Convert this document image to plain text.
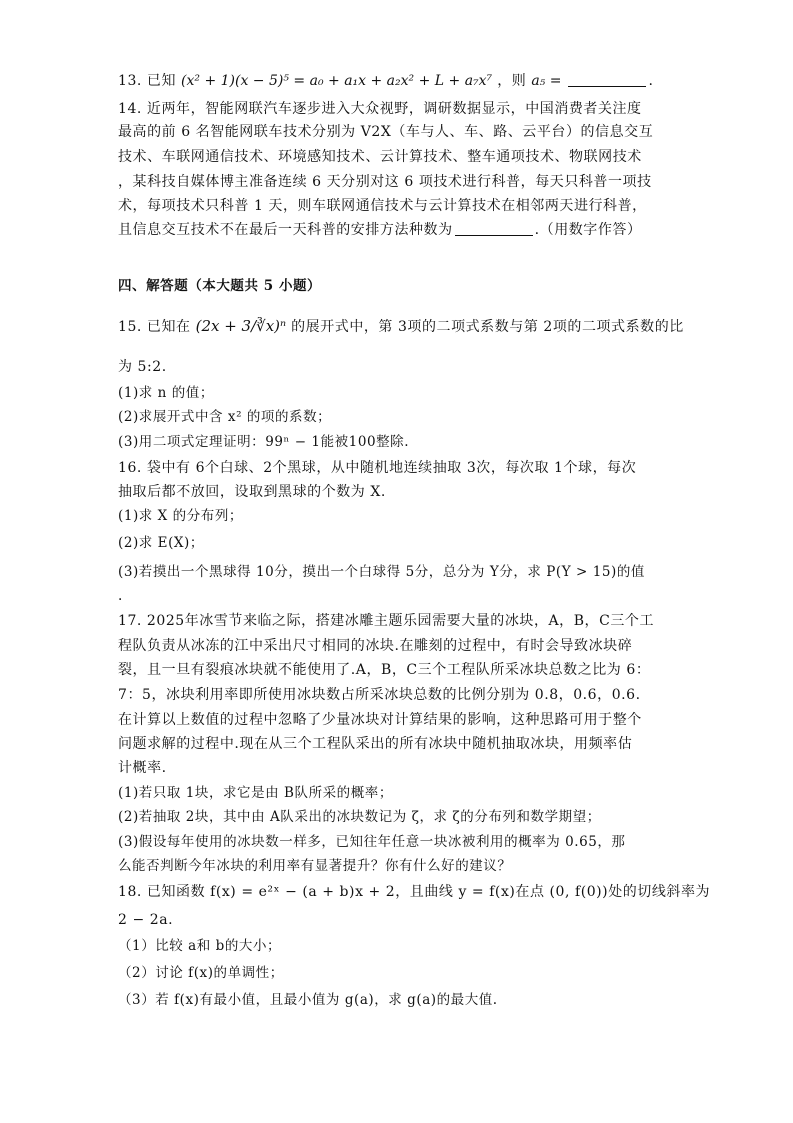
13. 已知 (x² + 1)(x − 5)⁵ = a₀ + a₁x + a₂x² + L + a₇x⁷ ，则 a₅ =	.
14. 近两年，智能网联汽车逐步进入大众视野，调研数据显示，中国消费者关注度
最高的前 6 名智能网联车技术分别为 V2X（车与人、车、路、云平台）的信息交互
技术、车联网通信技术、环境感知技术、云计算技术、整车通项技术、物联网技术
，某科技自媒体博主准备连续 6 天分别对这 6 项技术进行科普，每天只科普一项技
术，每项技术只科普 1 天，则车联网通信技术与云计算技术在相邻两天进行科普，
且信息交互技术不在最后一天科普的安排方法种数为	.（用数字作答）
四、解答题（本大题共 5 小题）
15. 已知在 (2x + 3/∛x)ⁿ 的展开式中，第 3项的二项式系数与第 2项的二项式系数的比
为 5:2.
(1)求 n 的值；
(2)求展开式中含 x² 的项的系数；
(3)用二项式定理证明：99ⁿ − 1能被100整除.
16. 袋中有 6个白球、2个黑球，从中随机地连续抽取 3次，每次取 1个球，每次
抽取后都不放回，设取到黑球的个数为 X.
(1)求 X 的分布列；
(2)求 E(X)；
(3)若摸出一个黑球得 10分，摸出一个白球得 5分，总分为 Y分，求 P(Y > 15)的值
.
17. 2025年冰雪节来临之际，搭建冰雕主题乐园需要大量的冰块，A，B，C三个工
程队负责从冰冻的江中采出尺寸相同的冰块.在雕刻的过程中，有时会导致冰块碎
裂，且一旦有裂痕冰块就不能使用了.A，B，C三个工程队所采冰块总数之比为 6：
7：5，冰块利用率即所使用冰块数占所采冰块总数的比例分别为 0.8，0.6，0.6.
在计算以上数值的过程中忽略了少量冰块对计算结果的影响，这种思路可用于整个
问题求解的过程中.现在从三个工程队采出的所有冰块中随机抽取冰块，用频率估
计概率.
(1)若只取 1块，求它是由 B队所采的概率；
(2)若抽取 2块，其中由 A队采出的冰块数记为 ζ，求 ζ的分布列和数学期望；
(3)假设每年使用的冰块数一样多，已知往年任意一块冰被利用的概率为 0.65，那
么能否判断今年冰块的利用率有显著提升？你有什么好的建议？
18. 已知函数 f(x) = e²ˣ − (a + b)x + 2，且曲线 y = f(x)在点 (0, f(0))处的切线斜率为
2 − 2a.
（1）比较 a和 b的大小；
（2）讨论 f(x)的单调性；
（3）若 f(x)有最小值，且最小值为 g(a)，求 g(a)的最大值.
